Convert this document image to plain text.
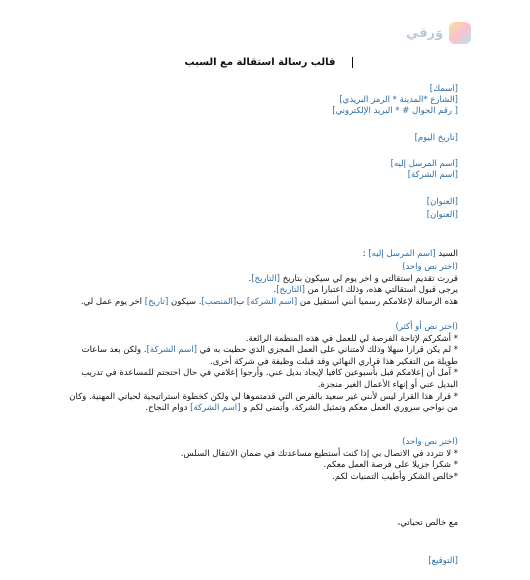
وَرقي
قالب رسالة استقالة مع السبب
[اسمك]
[الشارع *المدينة * الرمز البريدي]
[ رقم الجوال # * البريد الإلكتروني]
[تاريخ اليوم]
[اسم المرسل إليه]
[اسم الشركة]
[العنوان]
[العنوان]
السيد [اسم المرسل إليه] :

(اختر نص واحد)

قررت تقديم استقالتي و اخر يوم لي سيكون بتاريخ [التاريخ].

يرجى قبول استقالتي هذه، وذلك اعتبارا من [التاريخ].

هذه الرسالة لإعلامكم رسميا أنني أستقيل من [اسم الشركة] ب[المنصب]. سيكون [تاريخ] اخر يوم عمل لي.

(اختر نص أو أكثر)

* أشكركم لإتاحة الفرصة لي للعمل في هذه المنظمة الرائعة.

* لم يكن قرارا سهلا وذلك لامتناني على العمل المجزي الذي حظيت به في [اسم الشركة]. ولكن بعد ساعات طويلة من التفكير هذا قراري النهائي وقد قبلت وظيفة في شركة أخرى.

* آمل أن إعلامكم قبل بأسبوعين كافيا لإيجاد بديل عني. وأرجوا إعلامي في حال احتجتم للمساعدة في تدريب البديل عني أو إنهاء الأعمال الغير منجزة.

* قرار هذا القرار ليس لأنني غير سعيد بالفرص التي قدمتموها لي ولكن كخطوة استراتيجية لحياتي المهنية. وكان من نواحي سروري العمل معكم وتمثيل الشركة. وأتمنى لكم و [اسم الشركة] دوام النجاح.

(اختر نص واحد)

* لا تتردد في الاتصال بي إذا كنت أستطيع مساعدتك في ضمان الانتقال السلس.

* شكرا جزيلا على فرصة العمل معكم.

*خالص الشكر وأطيب التمنيات لكم.

مع خالص تحياتي،
[التوقيع]
